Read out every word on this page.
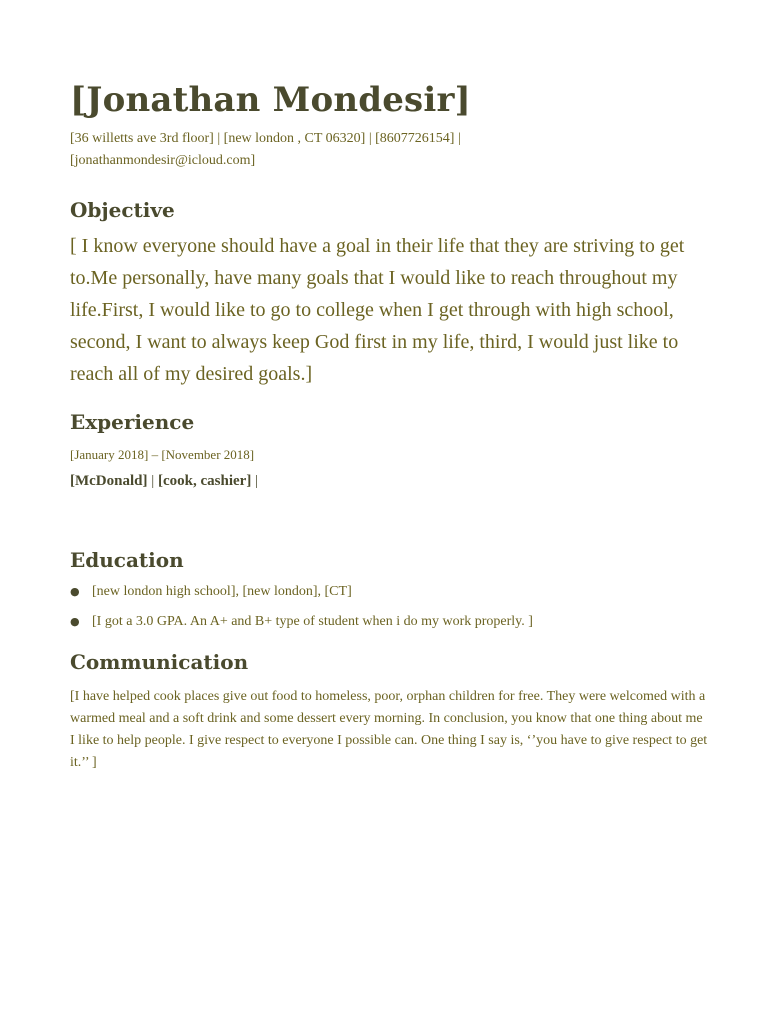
[Jonathan Mondesir]
[36 willetts ave 3rd floor] | [new london , CT 06320] | [8607726154] |
[jonathanmondesir@icloud.com]
Objective
[ I know everyone should have a goal in their life that they are striving to get to.Me personally, have many goals that I would like to reach throughout my life.First, I would like to go to college when I get through with high school, second, I want to always keep God first in my life, third, I would just like to reach all of my desired goals.]
Experience
[January 2018] – [November 2018]
[McDonald] | [cook, cashier] |
Education
● [new london high school], [new london], [CT]
● [I got a 3.0 GPA. An A+ and B+ type of student when i do my work properly. ]
Communication
[I have helped cook places give out food to homeless, poor, orphan children for free. They were welcomed with a warmed meal and a soft drink and some dessert every morning. In conclusion, you know that one thing about me I like to help people. I give respect to everyone I possible can. One thing I say is, ‘’you have to give respect to get it.’’ ]
